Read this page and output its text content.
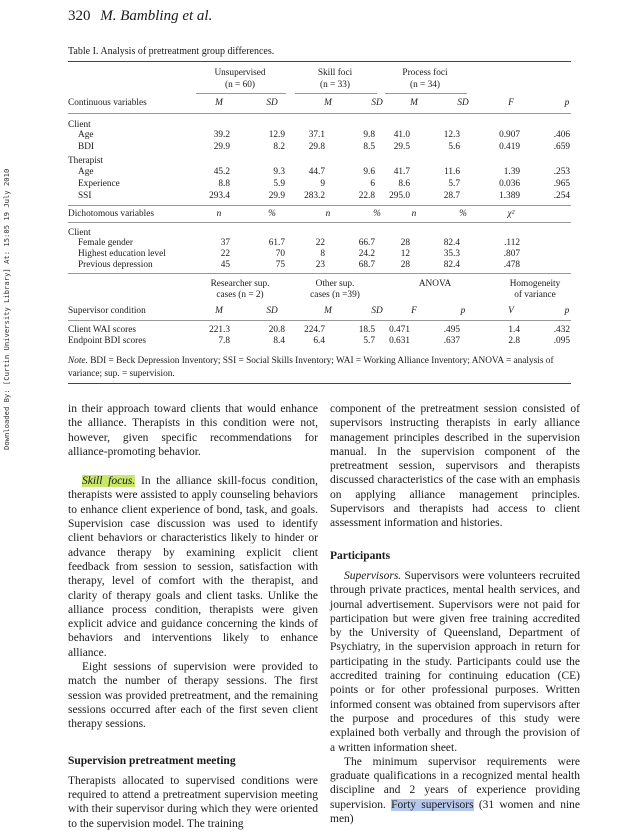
320 M. Bambling et al.
Downloaded By: [Curtin University Library] At: 15:05 19 July 2010
Table I. Analysis of pretreatment group differences.
Unsupervised
(n = 60)
Skill foci
(n = 33)
Process foci
(n = 34)
Continuous variables	M	SD	M	SD	M	SD	F	p
Client
Age	39.2	12.9	37.1	9.8	41.0	12.3	0.907	.406
BDI	29.9	8.2	29.8	8.5	29.5	5.6	0.419	.659
Therapist
Age	45.2	9.3	44.7	9.6	41.7	11.6	1.39	.253
Experience	8.8	5.9	9	6	8.6	5.7	0.036	.965
SSI	293.4	29.9	283.2	22.8	295.0	28.7	1.389	.254
Dichotomous variables	n	%	n	%	n	%	χ²
Client
Female gender	37	61.7	22	66.7	28	82.4	.112
Highest education level	22	70	8	24.2	12	35.3	.807
Previous depression	45	75	23	68.7	28	82.4	.478
Researcher sup.
cases (n = 2)
Other sup.
cases (n =39)
ANOVA	Homogeneity
of variance
Supervisor condition	M	SD	M	SD	F	p	V	p
Client WAI scores	221.3	20.8	224.7	18.5	0.471	.495	1.4	.432
Endpoint BDI scores	7.8	8.4	6.4	5.7	0.631	.637	2.8	.095
Note. BDI = Beck Depression Inventory; SSI = Social Skills Inventory; WAI = Working Alliance Inventory; ANOVA = analysis of variance; sup. = supervision.

in their approach toward clients that would enhance the alliance. Therapists in this condition were not, however, given specific recommendations for alliance-promoting behavior.

Skill focus. In the alliance skill-focus condition, therapists were assisted to apply counseling behaviors to enhance client experience of bond, task, and goals. Supervision case discussion was used to identify client behaviors or characteristics likely to hinder or advance therapy by examining explicit client feedback from session to session, satisfaction with therapy, level of comfort with the therapist, and clarity of therapy goals and client tasks. Unlike the alliance process condition, therapists were given explicit advice and guidance concerning the kinds of behaviors and interventions likely to enhance alliance.

Eight sessions of supervision were provided to match the number of therapy sessions. The first session was provided pretreatment, and the remaining sessions occurred after each of the first seven client therapy sessions.

Supervision pretreatment meeting

Therapists allocated to supervised conditions were required to attend a pretreatment supervision meeting with their supervisor during which they were oriented to the supervision model. The training

component of the pretreatment session consisted of supervisors instructing therapists in early alliance management principles described in the supervision manual. In the supervision component of the pretreatment session, supervisors and therapists discussed characteristics of the case with an emphasis on applying alliance management principles. Supervisors and therapists had access to client assessment information and histories.

Participants

Supervisors. Supervisors were volunteers recruited through private practices, mental health services, and journal advertisement. Supervisors were not paid for participation but were given free training accredited by the University of Queensland, Department of Psychiatry, in the supervision approach in return for participating in the study. Participants could use the accredited training for continuing education (CE) points or for other professional purposes. Written informed consent was obtained from supervisors after the purpose and procedures of this study were explained both verbally and through the provision of a written information sheet.

The minimum supervisor requirements were graduate qualifications in a recognized mental health discipline and 2 years of experience providing supervision. Forty supervisors (31 women and nine men)
